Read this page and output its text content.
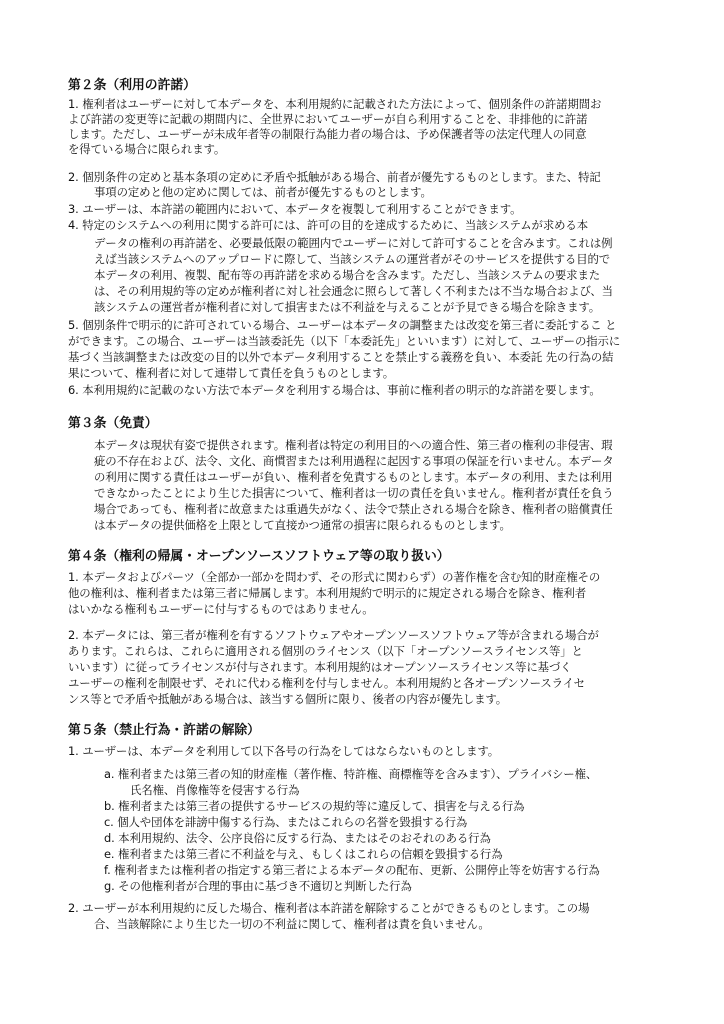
第２条（利用の許諾）
1. 権利者はユーザーに対して本データを、本利用規約に記載された方法によって、個別条件の許諾期間お
よび許諾の変更等に記載の期間内に、全世界においてユーザーが自ら利用することを、非排他的に許諾
します。ただし、ユーザーが未成年者等の制限行為能力者の場合は、予め保護者等の法定代理人の同意
を得ている場合に限られます。
2. 個別条件の定めと基本条項の定めに矛盾や抵触がある場合、前者が優先するものとします。また、特記
事項の定めと他の定めに関しては、前者が優先するものとします。
3. ユーザーは、本許諾の範囲内において、本データを複製して利用することができます。
4. 特定のシステムへの利用に関する許可には、許可の目的を達成するために、当該システムが求める本
データの権利の再許諾を、必要最低限の範囲内でユーザーに対して許可することを含みます。これは例
えば当該システムへのアップロードに際して、当該システムの運営者がそのサービスを提供する目的で
本データの利用、複製、配布等の再許諾を求める場合を含みます。ただし、当該システムの要求また
は、その利用規約等の定めが権利者に対し社会通念に照らして著しく不利または不当な場合および、当
該システムの運営者が権利者に対して損害または不利益を与えることが予見できる場合を除きます。
5. 個別条件で明示的に許可されている場合、ユーザーは本データの調整または改変を第三者に委託するこ と
ができます。この場合、ユーザーは当該委託先（以下「本委託先」といいます）に対して、ユーザーの指示に
基づく当該調整または改変の目的以外で本データ利用することを禁止する義務を負い、本委託 先の行為の結
果について、権利者に対して連帯して責任を負うものとします。
6. 本利用規約に記載のない方法で本データを利用する場合は、事前に権利者の明示的な許諾を要します。
第３条（免責）
本データは現状有姿で提供されます。権利者は特定の利用目的への適合性、第三者の権利の非侵害、瑕
疵の不存在および、法令、文化、商慣習または利用過程に起因する事項の保証を行いません。本データ
の利用に関する責任はユーザーが負い、権利者を免責するものとします。本データの利用、または利用
できなかったことにより生じた損害について、権利者は一切の責任を負いません。権利者が責任を負う
場合であっても、権利者に故意または重過失がなく、法令で禁止される場合を除き、権利者の賠償責任
は本データの提供価格を上限として直接かつ通常の損害に限られるものとします。
第４条（権利の帰属・オープンソースソフトウェア等の取り扱い）
1. 本データおよびパーツ（全部か一部かを問わず、その形式に関わらず）の著作権を含む知的財産権その
他の権利は、権利者または第三者に帰属します。本利用規約で明示的に規定される場合を除き、権利者
はいかなる権利もユーザーに付与するものではありません。
2. 本データには、第三者が権利を有するソフトウェアやオープンソースソフトウェア等が含まれる場合が
あります。これらは、これらに適用される個別のライセンス（以下「オープンソースライセンス等」と
いいます）に従ってライセンスが付与されます。本利用規約はオープンソースライセンス等に基づく
ユーザーの権利を制限せず、それに代わる権利を付与しません。本利用規約と各オープンソースライセ
ンス等とで矛盾や抵触がある場合は、該当する個所に限り、後者の内容が優先します。
第５条（禁止行為・許諾の解除）
1. ユーザーは、本データを利用して以下各号の行為をしてはならないものとします。
a. 権利者または第三者の知的財産権（著作権、特許権、商標権等を含みます）、プライバシー権、
氏名権、肖像権等を侵害する行為
b. 権利者または第三者の提供するサービスの規約等に違反して、損害を与える行為
c. 個人や団体を誹謗中傷する行為、またはこれらの名誉を毀損する行為
d. 本利用規約、法令、公序良俗に反する行為、またはそのおそれのある行為
e. 権利者または第三者に不利益を与え、もしくはこれらの信頼を毀損する行為
f. 権利者または権利者の指定する第三者による本データの配布、更新、公開停止等を妨害する行為
g. その他権利者が合理的事由に基づき不適切と判断した行為
2. ユーザーが本利用規約に反した場合、権利者は本許諾を解除することができるものとします。この場
合、当該解除により生じた一切の不利益に関して、権利者は責を負いません。
